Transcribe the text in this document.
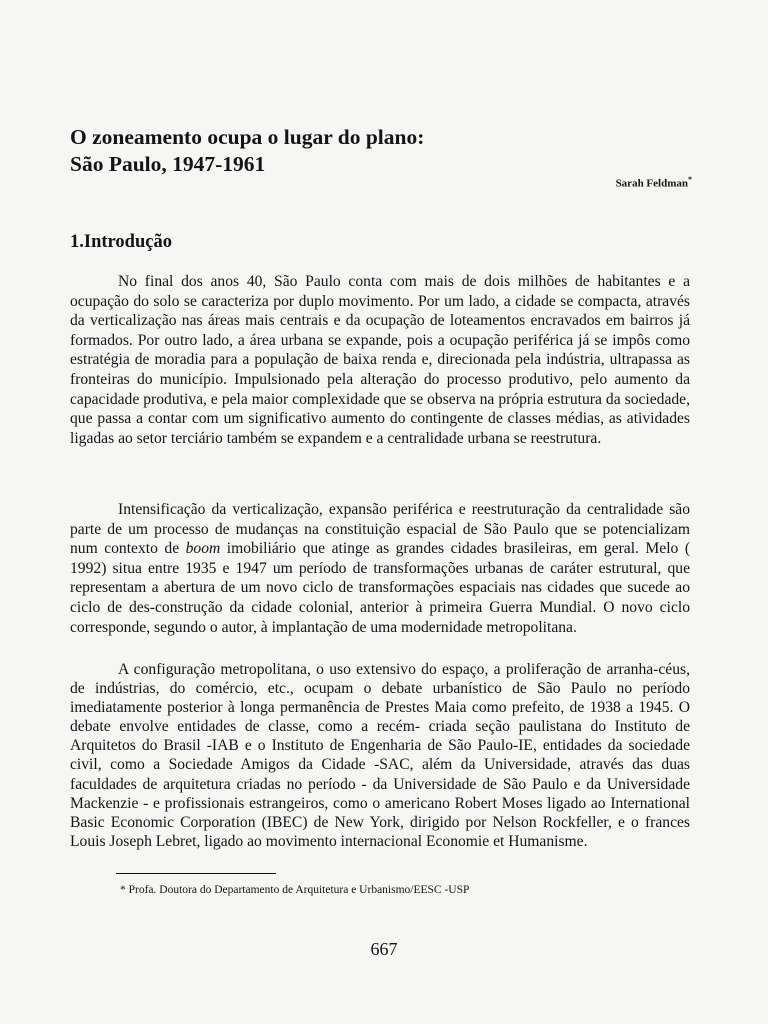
O zoneamento ocupa o lugar do plano:
São Paulo, 1947-1961
Sarah Feldman*
1.Introdução

No final dos anos 40, São Paulo conta com mais de dois milhões de habitantes e a ocupação do solo se caracteriza por duplo movimento. Por um lado, a cidade se compacta, através da verticalização nas áreas mais centrais e da ocupação de loteamentos encravados em bairros já formados. Por outro lado, a área urbana se expande, pois a ocupação periférica já se impôs como estratégia de moradia para a população de baixa renda e, direcionada pela indústria, ultrapassa as fronteiras do município. Impulsionado pela alteração do processo produtivo, pelo aumento da capacidade produtiva, e pela maior complexidade que se observa na própria estrutura da sociedade, que passa a contar com um significativo aumento do contingente de classes médias, as atividades ligadas ao setor terciário também se expandem e a centralidade urbana se reestrutura.

Intensificação da verticalização, expansão periférica e reestruturação da centralidade são parte de um processo de mudanças na constituição espacial de São Paulo que se potencializam num contexto de boom imobiliário que atinge as grandes cidades brasileiras, em geral. Melo ( 1992) situa entre 1935 e 1947 um período de transformações urbanas de caráter estrutural, que representam a abertura de um novo ciclo de transformações espaciais nas cidades que sucede ao ciclo de des-construção da cidade colonial, anterior à primeira Guerra Mundial. O novo ciclo corresponde, segundo o autor, à implantação de uma modernidade metropolitana.

A configuração metropolitana, o uso extensivo do espaço, a proliferação de arranha-céus, de indústrias, do comércio, etc., ocupam o debate urbanístico de São Paulo no período imediatamente posterior à longa permanência de Prestes Maia como prefeito, de 1938 a 1945. O debate envolve entidades de classe, como a recém- criada seção paulistana do Instituto de Arquitetos do Brasil -IAB e o Instituto de Engenharia de São Paulo-IE, entidades da sociedade civil, como a Sociedade Amigos da Cidade -SAC, além da Universidade, através das duas faculdades de arquitetura criadas no período - da Universidade de São Paulo e da Universidade Mackenzie - e profissionais estrangeiros, como o americano Robert Moses ligado ao International Basic Economic Corporation (IBEC) de New York, dirigido por Nelson Rockfeller, e o frances Louis Joseph Lebret, ligado ao movimento internacional Economie et Humanisme.

* Profa. Doutora do Departamento de Arquitetura e Urbanismo/EESC -USP
667
